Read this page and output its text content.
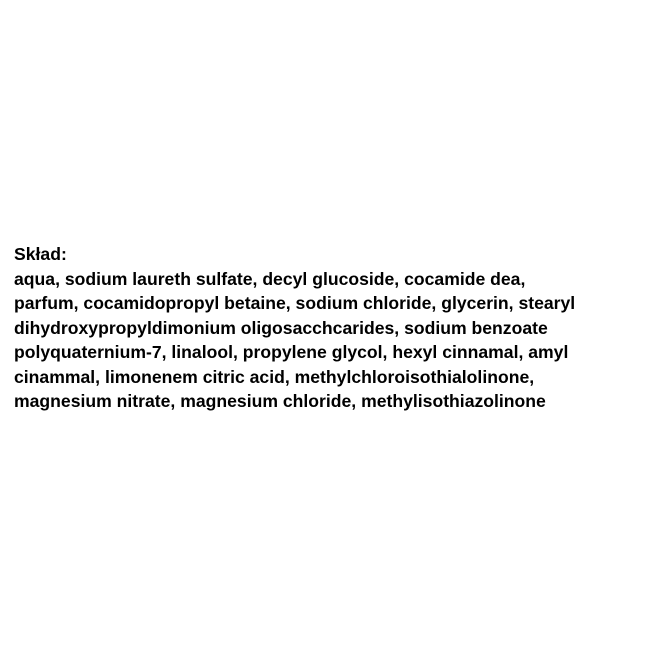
Skład:
aqua, sodium laureth sulfate, decyl glucoside, cocamide dea,
parfum, cocamidopropyl betaine, sodium chloride, glycerin, stearyl
dihydroxypropyldimonium oligosacchcarides, sodium benzoate
polyquaternium-7, linalool, propylene glycol, hexyl cinnamal, amyl
cinammal, limonenem citric acid, methylchloroisothialolinone,
magnesium nitrate, magnesium chloride, methylisothiazolinone
